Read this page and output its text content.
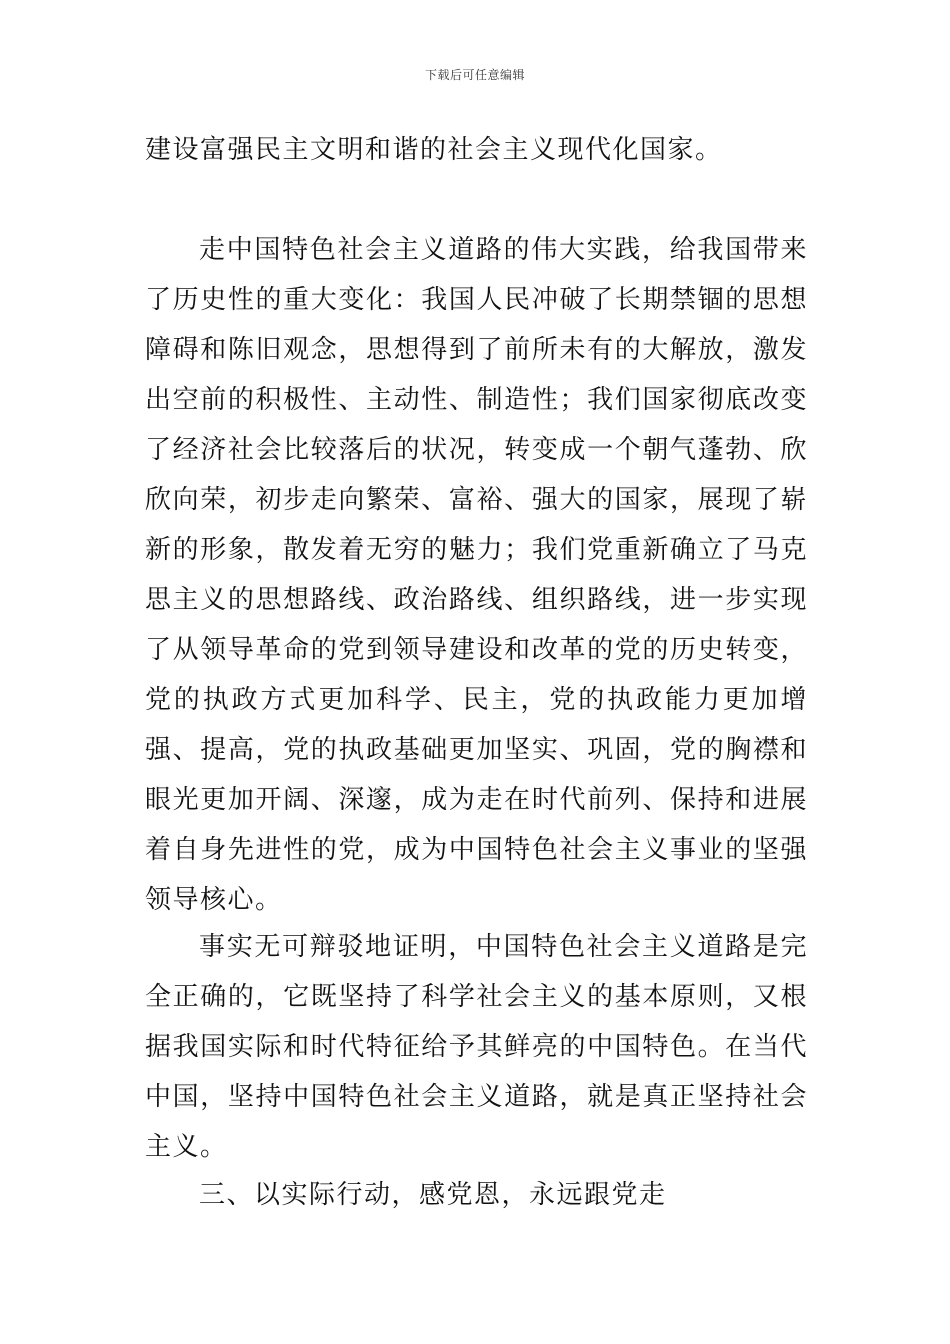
下载后可任意编辑

建设富强民主文明和谐的社会主义现代化国家。

走中国特色社会主义道路的伟大实践，给我国带来了历史性的重大变化：我国人民冲破了长期禁锢的思想障碍和陈旧观念，思想得到了前所未有的大解放，激发出空前的积极性、主动性、制造性；我们国家彻底改变了经济社会比较落后的状况，转变成一个朝气蓬勃、欣欣向荣，初步走向繁荣、富裕、强大的国家，展现了崭新的形象，散发着无穷的魅力；我们党重新确立了马克思主义的思想路线、政治路线、组织路线，进一步实现了从领导革命的党到领导建设和改革的党的历史转变，党的执政方式更加科学、民主，党的执政能力更加增强、提高，党的执政基础更加坚实、巩固，党的胸襟和眼光更加开阔、深邃，成为走在时代前列、保持和进展着自身先进性的党，成为中国特色社会主义事业的坚强领导核心。

事实无可辩驳地证明，中国特色社会主义道路是完全正确的，它既坚持了科学社会主义的基本原则，又根据我国实际和时代特征给予其鲜亮的中国特色。在当代中国，坚持中国特色社会主义道路，就是真正坚持社会主义。

三、以实际行动，感党恩，永远跟党走
